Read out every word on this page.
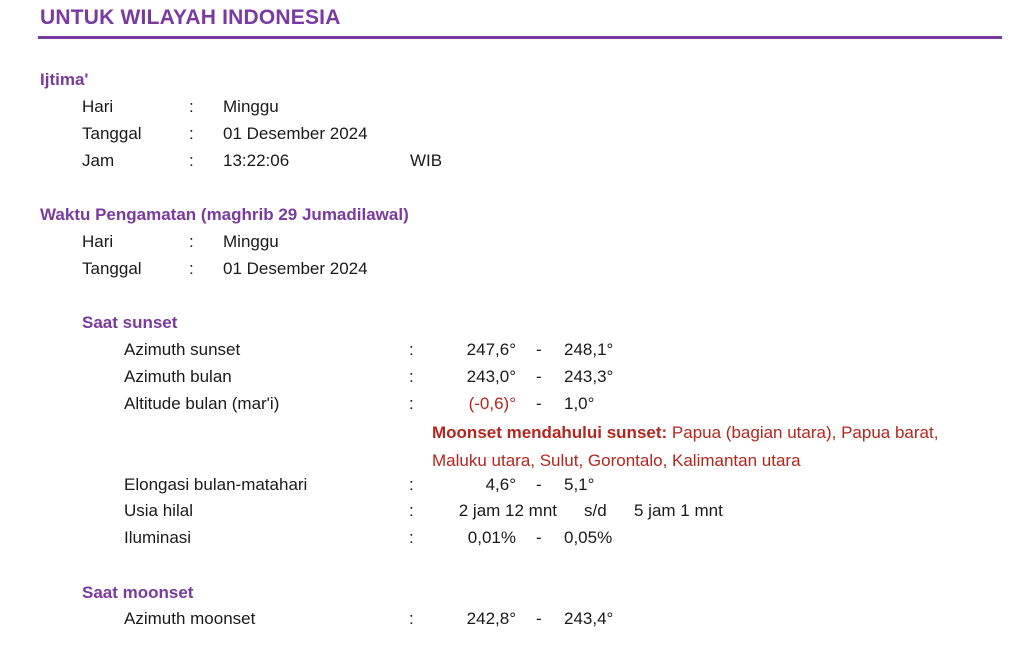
UNTUK WILAYAH INDONESIA
Ijtima'
Hari	: Minggu
Tanggal	: 01 Desember 2024
Jam	: 13:22:06	WIB
Waktu Pengamatan (maghrib 29 Jumadilawal)
Hari	: Minggu
Tanggal	: 01 Desember 2024
Saat sunset
Azimuth sunset	:	247,6° - 248,1°
Azimuth bulan	:	243,0° - 243,3°
Altitude bulan (mar'i)	:	(-0,6)° - 1,0°
Moonset mendahului sunset: Papua (bagian utara), Papua barat, Maluku utara, Sulut, Gorontalo, Kalimantan utara
Elongasi bulan-matahari	:	4,6° - 5,1°
Usia hilal	:	2 jam 12 mnt s/d 5 jam 1 mnt
Iluminasi	:	0,01% - 0,05%
Saat moonset
Azimuth moonset	:	242,8° - 243,4°
